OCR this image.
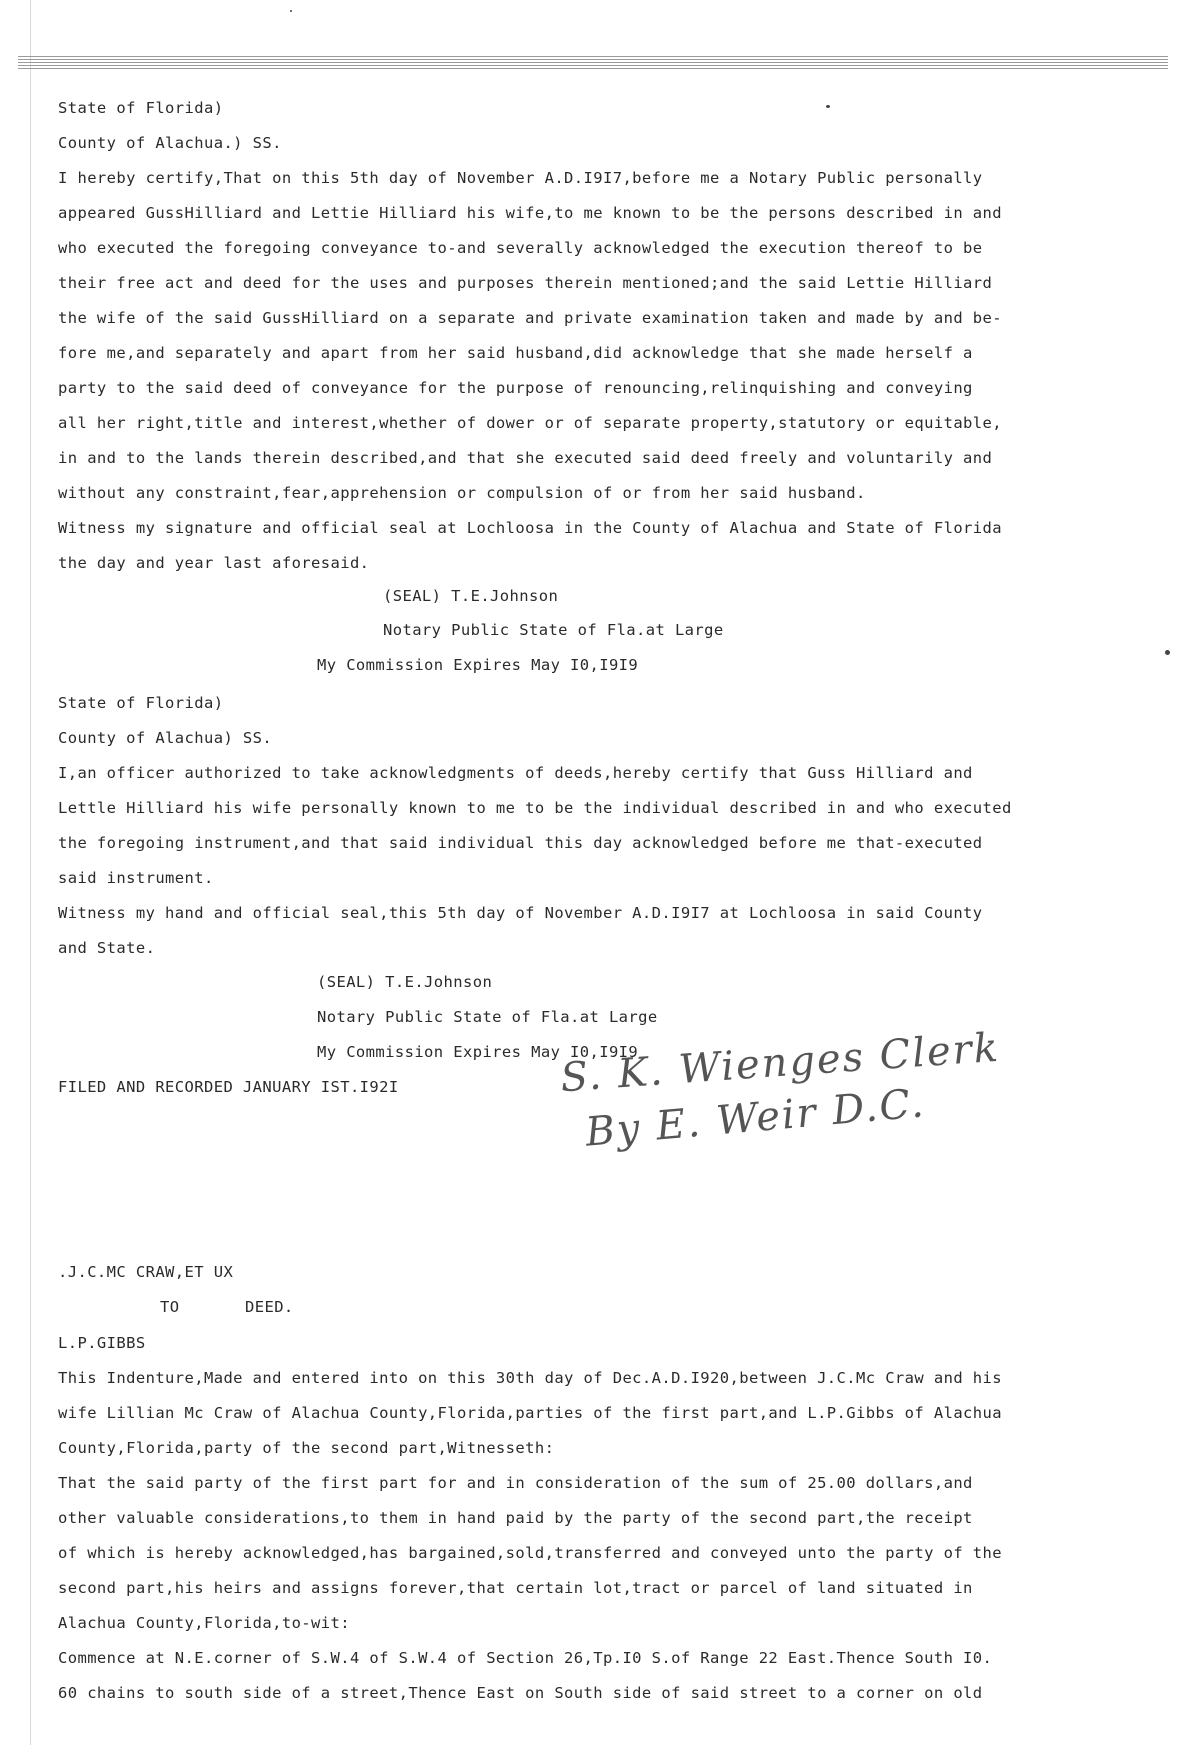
State of Florida)
County of Alachua.) SS.
I hereby certify,That on this 5th day of November A.D.I9I7,before me a Notary Public personally
appeared GussHilliard and Lettie Hilliard his wife,to me known to be the persons described in and
who executed the foregoing conveyance to-and severally acknowledged the execution thereof to be
their free act and deed for the uses and purposes therein mentioned;and the said Lettie Hilliard
the wife of the said GussHilliard on a separate and private examination taken and made by and be-
fore me,and separately and apart from her said husband,did acknowledge that she made herself a
party to the said deed of conveyance for the purpose of renouncing,relinquishing and conveying
all her right,title and interest,whether of dower or of separate property,statutory or equitable,
in and to the lands therein described,and that she executed said deed freely and voluntarily and
without any constraint,fear,apprehension or compulsion of or from her said husband.
Witness my signature and official seal at Lochloosa in the County of Alachua and State of Florida
the day and year last aforesaid.
(SEAL) T.E.Johnson
Notary Public State of Fla.at Large
My Commission Expires May I0,I9I9
State of Florida)
County of Alachua) SS.
I,an officer authorized to take acknowledgments of deeds,hereby certify that Guss Hilliard and
Lettle Hilliard his wife personally known to me to be the individual described in and who executed
the foregoing instrument,and that said individual this day acknowledged before me that-executed
said instrument.
Witness my hand and official seal,this 5th day of November A.D.I9I7 at Lochloosa in said County
and State.
(SEAL) T.E.Johnson
Notary Public State of Fla.at Large
My Commission Expires May I0,I9I9
FILED AND RECORDED JANUARY IST.I92I	S. K. Wienges Clerk
By E. Weir D.C.
.J.C.MC CRAW,ET UX
TO	DEED.
L.P.GIBBS
This Indenture,Made and entered into on this 30th day of Dec.A.D.I920,between J.C.Mc Craw and his
wife Lillian Mc Craw of Alachua County,Florida,parties of the first part,and L.P.Gibbs of Alachua
County,Florida,party of the second part,Witnesseth:
That the said party of the first part for and in consideration of the sum of 25.00 dollars,and
other valuable considerations,to them in hand paid by the party of the second part,the receipt
of which is hereby acknowledged,has bargained,sold,transferred and conveyed unto the party of the
second part,his heirs and assigns forever,that certain lot,tract or parcel of land situated in
Alachua County,Florida,to-wit:
Commence at N.E.corner of S.W.4 of S.W.4 of Section 26,Tp.I0 S.of Range 22 East.Thence South I0.
60 chains to south side of a street,Thence East on South side of said street to a corner on old
